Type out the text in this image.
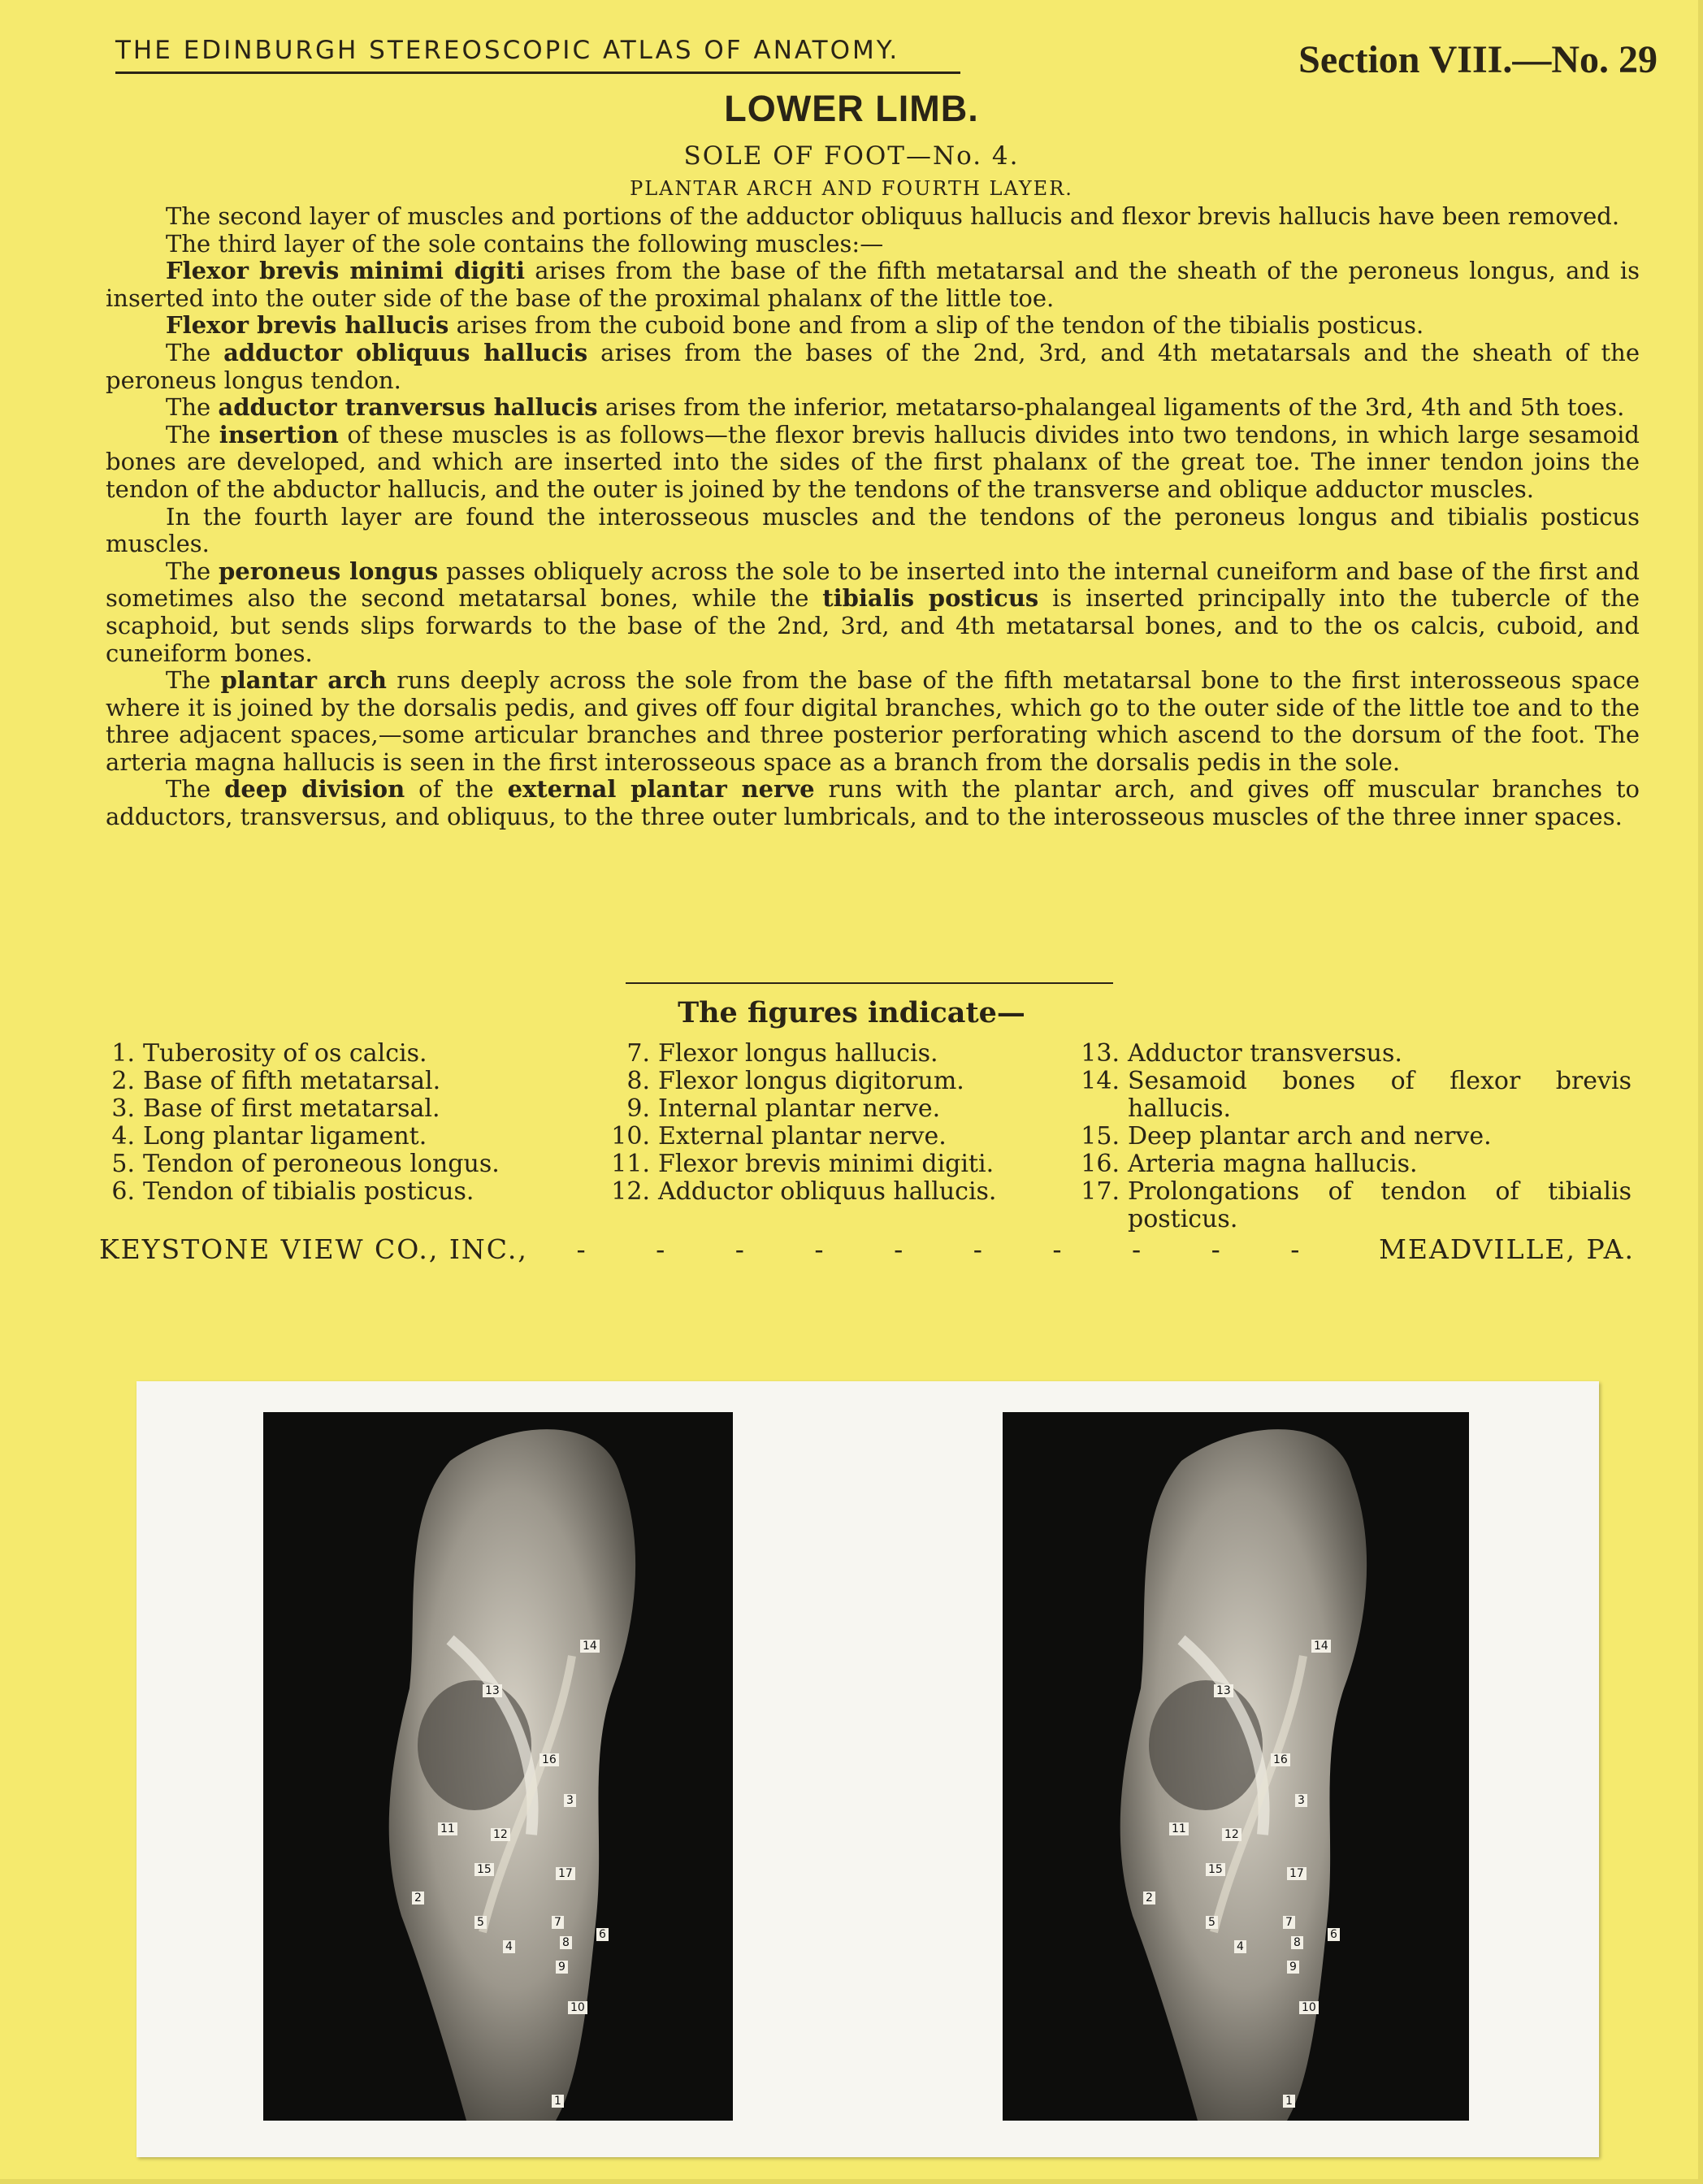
THE EDINBURGH STEREOSCOPIC ATLAS OF ANATOMY.	Section VIII.—No. 29
LOWER LIMB.
SOLE OF FOOT—No. 4.
PLANTAR ARCH AND FOURTH LAYER.

The second layer of muscles and portions of the adductor obliquus hallucis and flexor brevis hallucis have been removed.

The third layer of the sole contains the following muscles:—

Flexor brevis minimi digiti arises from the base of the fifth metatarsal and the sheath of the peroneus longus, and is inserted into the outer side of the base of the proximal phalanx of the little toe.

Flexor brevis hallucis arises from the cuboid bone and from a slip of the tendon of the tibialis posticus.

The adductor obliquus hallucis arises from the bases of the 2nd, 3rd, and 4th metatarsals and the sheath of the peroneus longus tendon.

The adductor tranversus hallucis arises from the inferior, metatarso-phalangeal ligaments of the 3rd, 4th and 5th toes.

The insertion of these muscles is as follows—the flexor brevis hallucis divides into two tendons, in which large sesamoid bones are developed, and which are inserted into the sides of the first phalanx of the great toe. The inner tendon joins the tendon of the abductor hallucis, and the outer is joined by the tendons of the transverse and oblique adductor muscles.

In the fourth layer are found the interosseous muscles and the tendons of the peroneus longus and tibialis posticus muscles.

The peroneus longus passes obliquely across the sole to be inserted into the internal cuneiform and base of the first and sometimes also the second metatarsal bones, while the tibialis posticus is inserted principally into the tubercle of the scaphoid, but sends slips forwards to the base of the 2nd, 3rd, and 4th metatarsal bones, and to the os calcis, cuboid, and cuneiform bones.

The plantar arch runs deeply across the sole from the base of the fifth metatarsal bone to the first interosseous space where it is joined by the dorsalis pedis, and gives off four digital branches, which go to the outer side of the little toe and to the three adjacent spaces,—some articular branches and three posterior perforating which ascend to the dorsum of the foot. The arteria magna hallucis is seen in the first interosseous space as a branch from the dorsalis pedis in the sole.

The deep division of the external plantar nerve runs with the plantar arch, and gives off muscular branches to adductors, transversus, and obliquus, to the three outer lumbricals, and to the interosseous muscles of the three inner spaces.

The figures indicate—
1. Tuberosity of os calcis.
2. Base of fifth metatarsal.
3. Base of first metatarsal.
4. Long plantar ligament.
5. Tendon of peroneous longus.
6. Tendon of tibialis posticus.
7. Flexor longus hallucis.
8. Flexor longus digitorum.
9. Internal plantar nerve.
10. External plantar nerve.
11. Flexor brevis minimi digiti.
12. Adductor obliquus hallucis.
13. Adductor transversus.
14. Sesamoid bones of flexor brevis hallucis.
15. Deep plantar arch and nerve.
16. Arteria magna hallucis.
17. Prolongations of tendon of tibialis posticus.
KEYSTONE VIEW CO., INC., - - - - - - - - - - MEADVILLE, PA.
14
13
16
3
11	12
15	17
2
5
4
7
8
6
9
10
1
14
13
16
3
11	12
15	17
2
5
4
7
8
6
9
10
1
